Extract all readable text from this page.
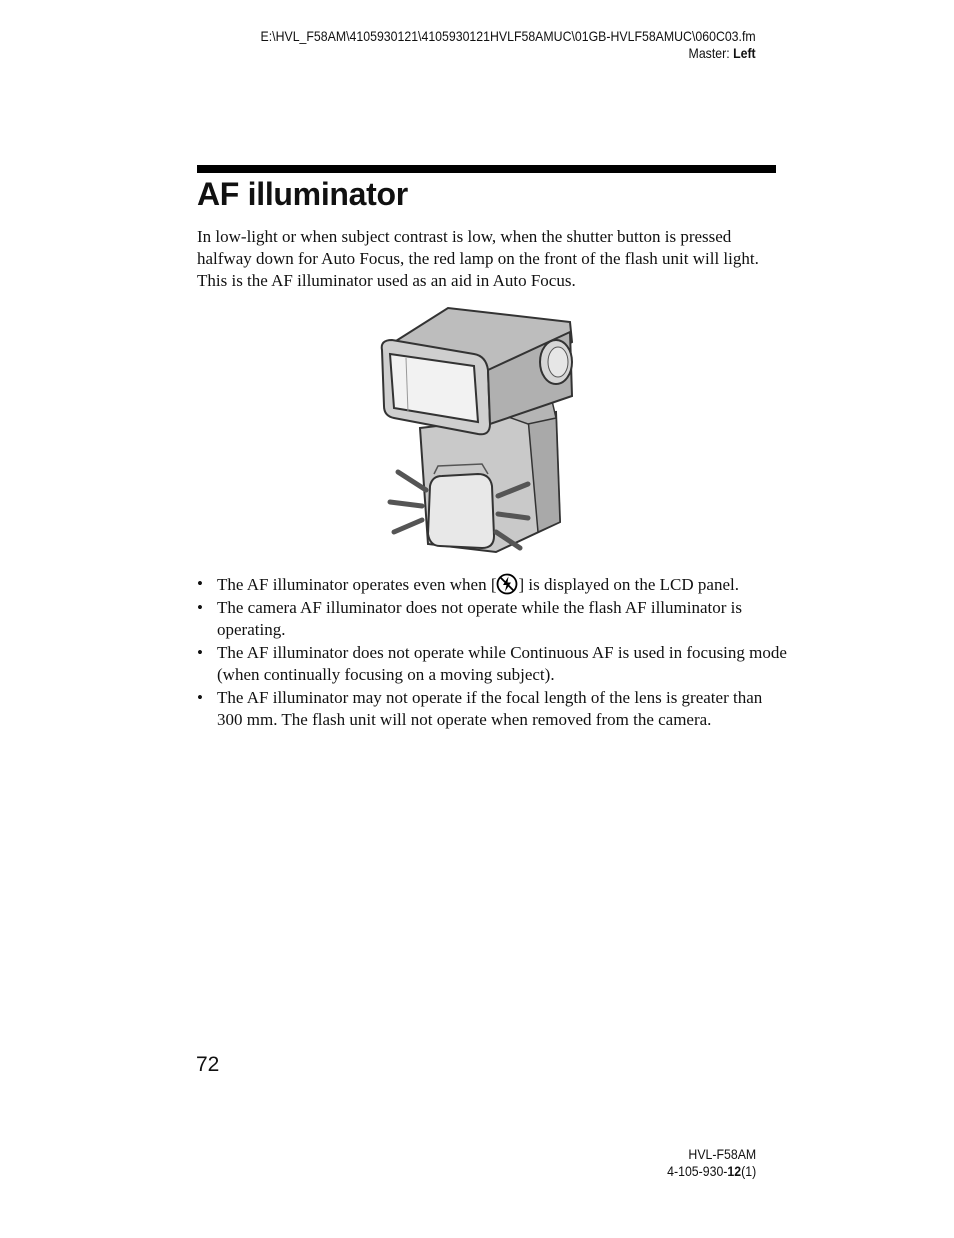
E:\HVL_F58AM\4105930121\4105930121HVLF58AMUC\01GB-HVLF58AMUC\060C03.fm
Master: Left
AF illuminator

In low-light or when subject contrast is low, when the shutter button is pressed halfway down for Auto Focus, the red lamp on the front of the flash unit will light. This is the AF illuminator used as an aid in Auto Focus.

• The AF illuminator operates even when [ ] is displayed on the LCD panel.
• The camera AF illuminator does not operate while the flash AF illuminator is operating.
• The AF illuminator does not operate while Continuous AF is used in focusing mode (when continually focusing on a moving subject).
• The AF illuminator may not operate if the focal length of the lens is greater than 300 mm. The flash unit will not operate when removed from the camera.
72
HVL-F58AM
4-105-930-12(1)
